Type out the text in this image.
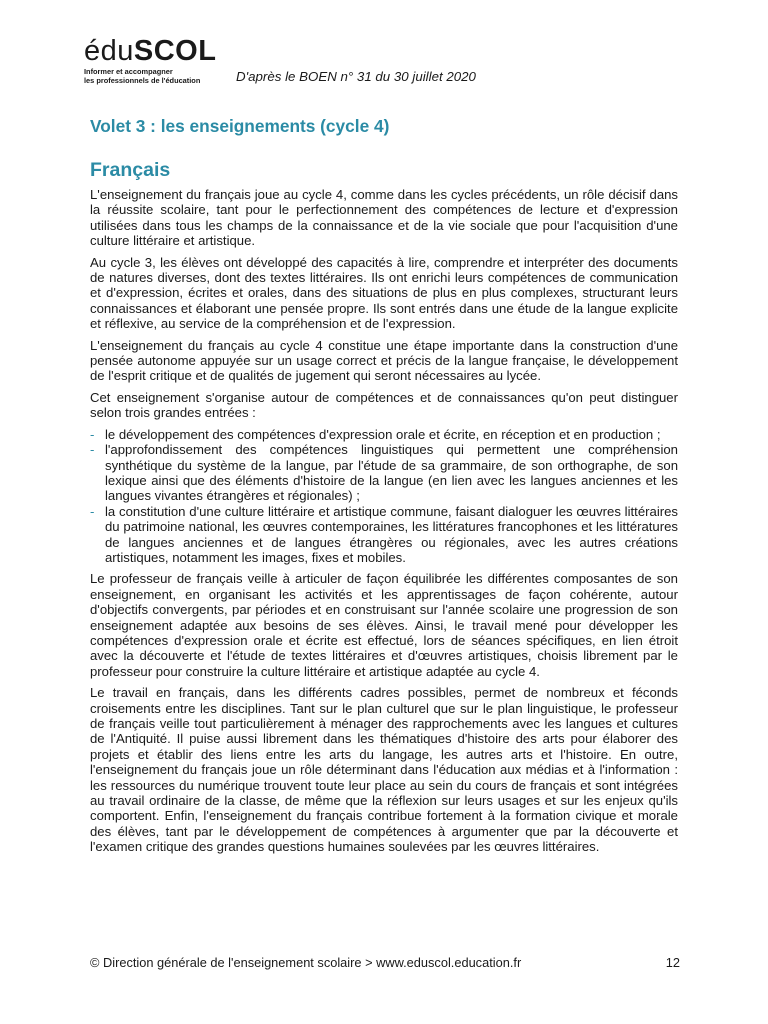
éduSCOL
Informer et accompagner
les professionnels de l'éducation	D'après le BOEN n° 31 du 30 juillet 2020
Volet 3 : les enseignements (cycle 4)
Français

L'enseignement du français joue au cycle 4, comme dans les cycles précédents, un rôle décisif dans la réussite scolaire, tant pour le perfectionnement des compétences de lecture et d'expression utilisées dans tous les champs de la connaissance et de la vie sociale que pour l'acquisition d'une culture littéraire et artistique.

Au cycle 3, les élèves ont développé des capacités à lire, comprendre et interpréter des documents de natures diverses, dont des textes littéraires. Ils ont enrichi leurs compétences de communication et d'expression, écrites et orales, dans des situations de plus en plus complexes, structurant leurs connaissances et élaborant une pensée propre. Ils sont entrés dans une étude de la langue explicite et réflexive, au service de la compréhension et de l'expression.

L'enseignement du français au cycle 4 constitue une étape importante dans la construction d'une pensée autonome appuyée sur un usage correct et précis de la langue française, le développement de l'esprit critique et de qualités de jugement qui seront nécessaires au lycée.

Cet enseignement s'organise autour de compétences et de connaissances qu'on peut distinguer selon trois grandes entrées :

- le développement des compétences d'expression orale et écrite, en réception et en production ;
- l'approfondissement des compétences linguistiques qui permettent une compréhension synthétique du système de la langue, par l'étude de sa grammaire, de son orthographe, de son lexique ainsi que des éléments d'histoire de la langue (en lien avec les langues anciennes et les langues vivantes étrangères et régionales) ;
- la constitution d'une culture littéraire et artistique commune, faisant dialoguer les œuvres littéraires du patrimoine national, les œuvres contemporaines, les littératures francophones et les littératures de langues anciennes et de langues étrangères ou régionales, avec les autres créations artistiques, notamment les images, fixes et mobiles.

Le professeur de français veille à articuler de façon équilibrée les différentes composantes de son enseignement, en organisant les activités et les apprentissages de façon cohérente, autour d'objectifs convergents, par périodes et en construisant sur l'année scolaire une progression de son enseignement adaptée aux besoins de ses élèves. Ainsi, le travail mené pour développer les compétences d'expression orale et écrite est effectué, lors de séances spécifiques, en lien étroit avec la découverte et l'étude de textes littéraires et d'œuvres artistiques, choisis librement par le professeur pour construire la culture littéraire et artistique adaptée au cycle 4.

Le travail en français, dans les différents cadres possibles, permet de nombreux et féconds croisements entre les disciplines. Tant sur le plan culturel que sur le plan linguistique, le professeur de français veille tout particulièrement à ménager des rapprochements avec les langues et cultures de l'Antiquité. Il puise aussi librement dans les thématiques d'histoire des arts pour élaborer des projets et établir des liens entre les arts du langage, les autres arts et l'histoire. En outre, l'enseignement du français joue un rôle déterminant dans l'éducation aux médias et à l'information : les ressources du numérique trouvent toute leur place au sein du cours de français et sont intégrées au travail ordinaire de la classe, de même que la réflexion sur leurs usages et sur les enjeux qu'ils comportent. Enfin, l'enseignement du français contribue fortement à la formation civique et morale des élèves, tant par le développement de compétences à argumenter que par la découverte et l'examen critique des grandes questions humaines soulevées par les œuvres littéraires.

© Direction générale de l'enseignement scolaire > www.eduscol.education.fr	12
